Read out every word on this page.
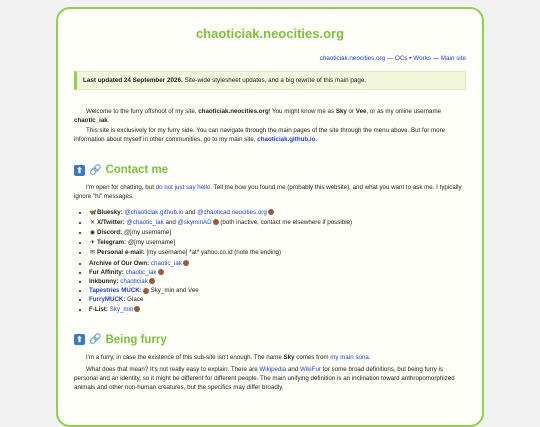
chaoticiak.neocities.org
chaoticiak.neocities.org — OCs • Works — Main site
Last updated 24 September 2026. Site-wide stylesheet updates, and a big rewrite of this main page.

Welcome to the furry offshoot of my site, chaoticiak.neocities.org! You might know me as Sky or Vee, or as my online username chaotic_iak.

This site is exclusively for my furry side. You can navigate through the main pages of the site through the menu above. But for more information about myself in other communities, go to my main site, chaoticiak.github.io.

⬆ 🔗 Contact me

I'm open for chatting, but do not just say hello. Tell me how you found me (probably this website), and what you want to ask me. I typically ignore "hi" messages.

• 🦋Bluesky: @chaoticiak.github.io and @chaoticad.neocities.org
• ✕ X/Twitter: @chaotic_iak and @skyminAD (both inactive, contact me elsewhere if possible)
• ◉ Discord: @[my username]
• ✈ Telegram: @[my username]
• ✉ Personal e-mail: [my username] *at* yahoo.co.id (note the ending)
• Archive of Our Own: chaotic_iak
• Fur Affinity: chaotic_iak
• Inkbunny: chaoticiak
• Tapestries MUCK: Sky_min and Vee
• FurryMUCK: Glace
• F-List: Sky_min
⬆ 🔗 Being furry

I'm a furry, in case the existence of this sub-site isn't enough. The name Sky comes from my main sona.

What does that mean? It's not really easy to explain. There are Wikipedia and WikiFur for some broad definitions, but being furry is personal and an identity, so it might be different for different people. The main unifying definition is an inclination toward anthropomorphized animals and other non-human creatures, but the specifics may differ broadly.
